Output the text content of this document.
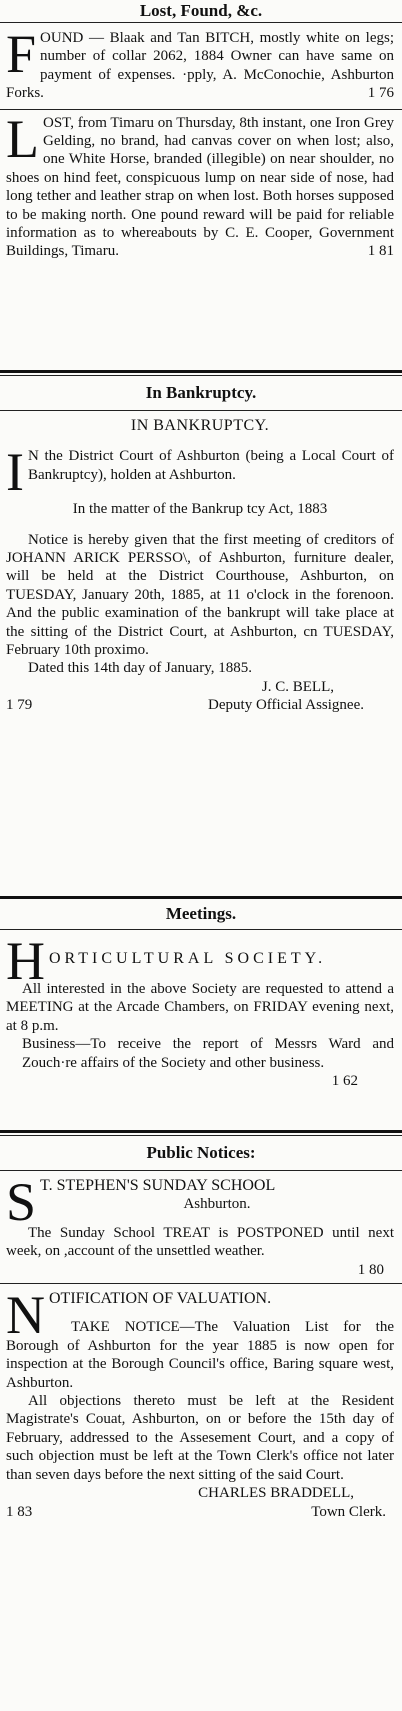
Lost, Found, &c.
FOUND — Blaak and Tan BITCH, mostly white on legs; number of collar 2062, 1884 Owner can have same on payment of expenses. ·pply, A. McConochie, Ashburton Forks.	1 76
LOST, from Timaru on Thursday, 8th instant, one Iron Grey Gelding, no brand, had canvas cover on when lost; also, one White Horse, branded (illegible) on near shoulder, no shoes on hind feet, conspicuous lump on near side of nose, had long tether and leather strap on when lost. Both horses supposed to be making north. One pound reward will be paid for reliable information as to whereabouts by C. E. Cooper, Government Buildings, Timaru.	1 81
In Bankruptcy.
IN BANKRUPTCY.
I N the District Court of Ashburton (being a Local Court of Bankruptcy), holden at Ashburton.
In the matter of the Bankrup tcy Act, 1883
Notice is hereby given that the first meeting of creditors of JOHANN ARICK PERSSO\, of Ashburton, furniture dealer, will be held at the District Courthouse, Ashburton, on TUESDAY, January 20th, 1885, at 11 o'clock in the forenoon. And the public examination of the bankrupt will take place at the sitting of the District Court, at Ashburton, cn TUESDAY, February 10th proximo.
Dated this 14th day of January, 1885.
J. C. BELL,
1 79	Deputy Official Assignee.
Meetings.
H ORTICULTURAL SOCIETY.
All interested in the above Society are requested to attend a MEETING at the Arcade Chambers, on FRIDAY evening next, at 8 p.m.
Business—To receive the report of Messrs Ward and Zouch·re affairs of the Society and other business.
1 62
Public Notices:
S T. STEPHEN'S SUNDAY SCHOOL
Ashburton.
The Sunday School TREAT is POSTPONED until next week, on ,account of the unsettled weather.
1 80
NOTIFICATION OF VALUATION.
TAKE NOTICE—The Valuation List for the Borough of Ashburton for the year 1885 is now open for inspection at the Borough Council's office, Baring square west, Ashburton.
All objections thereto must be left at the Resident Magistrate's Couat, Ashburton, on or before the 15th day of February, addressed to the Assesement Court, and a copy of such objection must be left at the Town Clerk's office not later than seven days before the next sitting of the said Court.
CHARLES BRADDELL,
1 83	Town Clerk.
